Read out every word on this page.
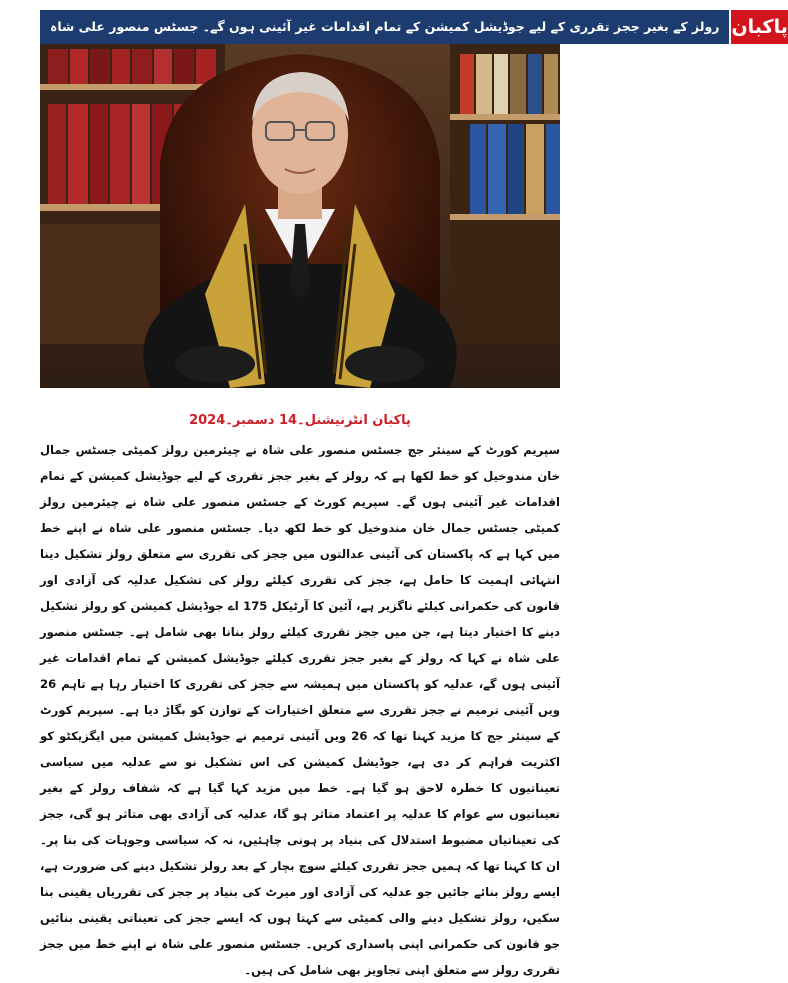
رولز کے بغیر ججز تقرری کے لیے جوڈیشل کمیشن کے تمام اقدامات غیر آئینی ہوں گے۔ جسٹس منصور علی شاہ پاکبان
پاکبان انٹرنیشنل۔14 دسمبر۔2024
سپریم کورٹ کے سینئر جج جسٹس منصور علی شاہ نے چیئرمین رولز کمیٹی جسٹس جمال خان مندوخیل کو خط لکھا ہے کہ رولز کے بغیر ججز تقرری کے لیے جوڈیشل کمیشن کے تمام اقدامات غیر آئینی ہوں گے۔ سپریم کورٹ کے جسٹس منصور علی شاہ نے چیئرمین رولز کمیٹی جسٹس جمال خان مندوخیل کو خط لکھ دیا۔ جسٹس منصور علی شاہ نے اپنے خط میں کہا ہے کہ پاکستان کی آئینی عدالتوں میں ججز کی تقرری سے متعلق رولز تشکیل دینا انتہائی اہمیت کا حامل ہے، ججز کی تقرری کیلئے رولز کی تشکیل عدلیہ کی آزادی اور قانون کی حکمرانی کیلئے ناگزیر ہے، آئین کا آرٹیکل 175 اے جوڈیشل کمیشن کو رولز تشکیل دینے کا اختیار دیتا ہے، جن میں ججز تقرری کیلئے رولز بنانا بھی شامل ہے۔ جسٹس منصور علی شاہ نے کہا کہ رولز کے بغیر ججز تقرری کیلئے جوڈیشل کمیشن کے تمام اقدامات غیر آئینی ہوں گے، عدلیہ کو پاکستان میں ہمیشہ سے ججز کی تقرری کا اختیار رہا ہے تاہم 26 ویں آئینی ترمیم نے ججز تقرری سے متعلق اختیارات کے توازن کو بگاڑ دیا ہے۔ سپریم کورٹ کے سینئر جج کا مزید کہنا تھا کہ 26 ویں آئینی ترمیم نے جوڈیشل کمیشن میں ایگزیکٹو کو اکثریت فراہم کر دی ہے، جوڈیشل کمیشن کی اس تشکیل نو سے عدلیہ میں سیاسی تعیناتیوں کا خطرہ لاحق ہو گیا ہے۔ خط میں مزید کہا گیا ہے کہ شفاف رولز کے بغیر تعیناتیوں سے عوام کا عدلیہ پر اعتماد متاثر ہو گا، عدلیہ کی آزادی بھی متاثر ہو گی، ججز کی تعیناتیاں مضبوط استدلال کی بنیاد پر ہونی چاہئیں، نہ کہ سیاسی وجوہات کی بنا پر۔ ان کا کہنا تھا کہ ہمیں ججز تقرری کیلئے سوچ بچار کے بعد رولز تشکیل دینے کی ضرورت ہے، ایسے رولز بنائے جائیں جو عدلیہ کی آزادی اور میرٹ کی بنیاد پر ججز کی تقرریاں یقینی بنا سکیں، رولز تشکیل دینے والی کمیٹی سے کہتا ہوں کہ ایسے ججز کی تعیناتی یقینی بنائیں جو قانون کی حکمرانی اپنی پاسداری کریں۔ جسٹس منصور علی شاہ نے اپنے خط میں ججز تقرری رولز سے متعلق اپنی تجاویز بھی شامل کی ہیں۔
